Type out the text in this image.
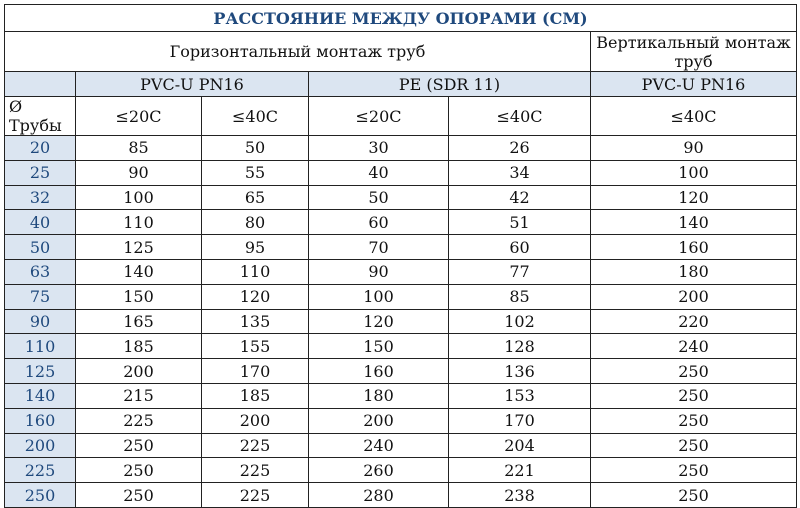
РАССТОЯНИЕ МЕЖДУ ОПОРАМИ (СМ)					
Горизонтальный монтаж труб					Вертикальный монтаж труб
	PVC-U PN16		PE (SDR 11)		PVC-U PN16
Ø Трубы	≤20C	≤40C	≤20C	≤40C	≤40C
20	85	50	30	26	90
25	90	55	40	34	100
32	100	65	50	42	120
40	110	80	60	51	140
50	125	95	70	60	160
63	140	110	90	77	180
75	150	120	100	85	200
90	165	135	120	102	220
110	185	155	150	128	240
125	200	170	160	136	250
140	215	185	180	153	250
160	225	200	200	170	250
200	250	225	240	204	250
225	250	225	260	221	250
250	250	225	280	238	250
